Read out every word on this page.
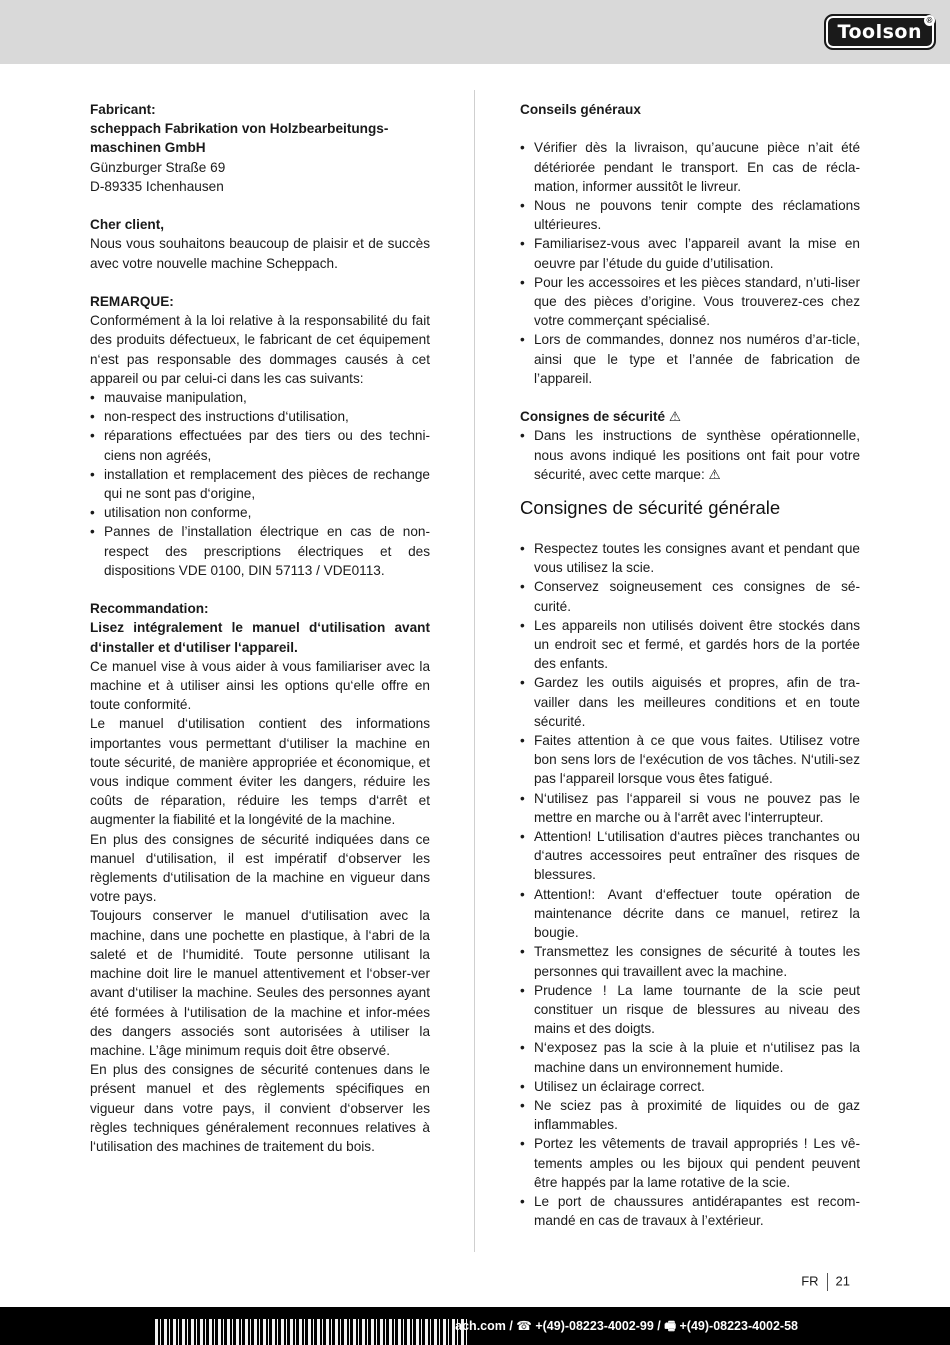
Toolson
®

Fabricant:

scheppach Fabrikation von Holzbearbeitungs-maschinen GmbH

Günzburger Straße 69

D-89335 Ichenhausen

Cher client,

Nous vous souhaitons beaucoup de plaisir et de succès avec votre nouvelle machine Scheppach.

REMARQUE:

Conformément à la loi relative à la responsabilité du fait des produits défectueux, le fabricant de cet équipement n‘est pas responsable des dommages causés à cet appareil ou par celui-ci dans les cas suivants:

• mauvaise manipulation,
• non-respect des instructions d‘utilisation,
• réparations effectuées par des tiers ou des techni-ciens non agréés,
• installation et remplacement des pièces de rechange qui ne sont pas d‘origine,
• utilisation non conforme,
• Pannes de l’installation électrique en cas de non-respect des prescriptions électriques et des dispositions VDE 0100, DIN 57113 / VDE0113.

Recommandation:

Lisez intégralement le manuel d‘utilisation avant d‘installer et d‘utiliser l‘appareil.

Ce manuel vise à vous aider à vous familiariser avec la machine et à utiliser ainsi les options qu‘elle offre en toute conformité.

Le manuel d‘utilisation contient des informations importantes vous permettant d‘utiliser la machine en toute sécurité, de manière appropriée et économique, et vous indique comment éviter les dangers, réduire les coûts de réparation, réduire les temps d‘arrêt et augmenter la fiabilité et la longévité de la machine.

En plus des consignes de sécurité indiquées dans ce manuel d‘utilisation, il est impératif d‘observer les règlements d‘utilisation de la machine en vigueur dans votre pays.

Toujours conserver le manuel d‘utilisation avec la machine, dans une pochette en plastique, à l‘abri de la saleté et de l‘humidité. Toute personne utilisant la machine doit lire le manuel attentivement et l‘obser-ver avant d‘utiliser la machine. Seules des personnes ayant été formées à l‘utilisation de la machine et infor-mées des dangers associés sont autorisées à utiliser la machine. L’âge minimum requis doit être observé.

En plus des consignes de sécurité contenues dans le présent manuel et des règlements spécifiques en vigueur dans votre pays, il convient d‘observer les règles techniques généralement reconnues relatives à l‘utilisation des machines de traitement du bois.

Conseils généraux

• Vérifier dès la livraison, qu’aucune pièce n’ait été détériorée pendant le transport. En cas de récla-mation, informer aussitôt le livreur.
• Nous ne pouvons tenir compte des réclamations ultérieures.
• Familiarisez-vous avec l’appareil avant la mise en oeuvre par l’étude du guide d’utilisation.
• Pour les accessoires et les pièces standard, n’uti-liser que des pièces d’origine. Vous trouverez-ces chez votre commerçant spécialisé.
• Lors de commandes, donnez nos numéros d’ar-ticle, ainsi que le type et l’année de fabrication de l’appareil.

Consignes de sécurité ⚠

• Dans les instructions de synthèse opérationnelle, nous avons indiqué les positions ont fait pour votre sécurité, avec cette marque: ⚠
Consignes de sécurité générale
• Respectez toutes les consignes avant et pendant que vous utilisez la scie.
• Conservez soigneusement ces consignes de sé-curité.
• Les appareils non utilisés doivent être stockés dans un endroit sec et fermé, et gardés hors de la portée des enfants.
• Gardez les outils aiguisés et propres, afin de tra-vailler dans les meilleures conditions et en toute sécurité.
• Faites attention à ce que vous faites. Utilisez votre bon sens lors de l‘exécution de vos tâches. N‘utili-sez pas l‘appareil lorsque vous êtes fatigué.
• N‘utilisez pas l‘appareil si vous ne pouvez pas le mettre en marche ou à l‘arrêt avec l‘interrupteur.
• Attention! L‘utilisation d‘autres pièces tranchantes ou d‘autres accessoires peut entraîner des risques de blessures.
• Attention!: Avant d‘effectuer toute opération de maintenance décrite dans ce manuel, retirez la bougie.
• Transmettez les consignes de sécurité à toutes les personnes qui travaillent avec la machine.
• Prudence ! La lame tournante de la scie peut constituer un risque de blessures au niveau des mains et des doigts.
• N‘exposez pas la scie à la pluie et n‘utilisez pas la machine dans un environnement humide.
• Utilisez un éclairage correct.
• Ne sciez pas à proximité de liquides ou de gaz inflammables.
• Portez les vêtements de travail appropriés ! Les vê-tements amples ou les bijoux qui pendent peuvent être happés par la lame rotative de la scie.
• Le port de chaussures antidérapantes est recom-mandé en cas de travaux à l’extérieur.
FR 21
ach.com / ☎ +(49)-08223-4002-99 / 🖷 +(49)-08223-4002-58
